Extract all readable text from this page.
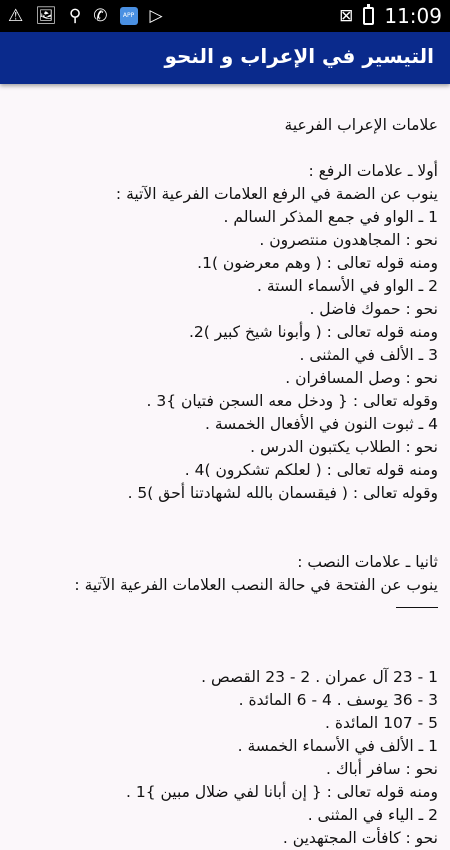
⚠ 🖼 ⚲ ✆	APP ▷	⊠ 11:09
التيسير في الإعراب و النحو
علامات الإعراب الفرعية
أولا ـ علامات الرفع :
ينوب عن الضمة في الرفع العلامات الفرعية الآتية :
1 ـ الواو في جمع المذكر السالم .
نحو : المجاهدون منتصرون .
ومنه قوله تعالى : ( وهم معرضون )1.
2 ـ الواو في الأسماء الستة .
نحو : حموك فاضل .
ومنه قوله تعالى : ( وأبونا شيخ كبير )2.
3 ـ الألف في المثنى .
نحو : وصل المسافران .
وقوله تعالى : { ودخل معه السجن فتيان }3 .
4 ـ ثبوت النون في الأفعال الخمسة .
نحو : الطلاب يكتبون الدرس .
ومنه قوله تعالى : ( لعلكم تشكرون )4 .
وقوله تعالى : ( فيقسمان بالله لشهادتنا أحق )5 .
ثانيا ـ علامات النصب :
ينوب عن الفتحة في حالة النصب العلامات الفرعية الآتية :
1 - 23 آل عمران . 2 - 23 القصص .
3 - 36 يوسف . 4 - 6 المائدة .
5 - 107 المائدة .
1 ـ الألف في الأسماء الخمسة .
نحو : سافر أباك .
ومنه قوله تعالى : { إن أبانا لفي ضلال مبين }1 .
2 ـ الياء في المثنى .
نحو : كافأت المجتهدين .
